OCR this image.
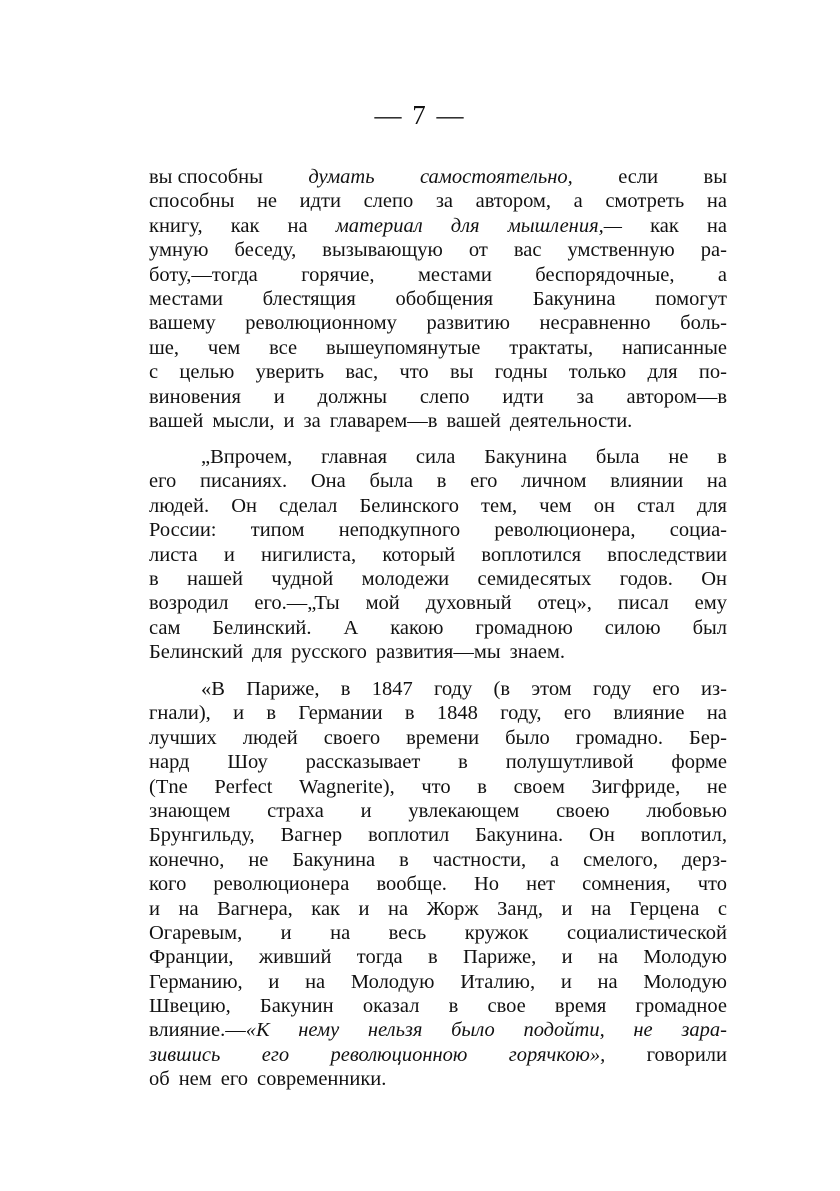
— 7 —
вы способны думать самостоятельно, если вы
способны не идти слепо за автором, а смотреть на
книгу, как на материал для мышления,— как на
умную беседу, вызывающую от вас умственную ра-
боту,—тогда горячие, местами беспорядочные, а
местами блестящия обобщения Бакунина помогут
вашему революционному развитию несравненно боль-
ше, чем все вышеупомянутые трактаты, написанные
с целью уверить вас, что вы годны только для по-
виновения и должны слепо идти за автором—в
вашей мысли, и за главарем—в вашей деятельности.
„Впрочем, главная сила Бакунина была не в
его писаниях. Она была в его личном влиянии на
людей. Он сделал Белинского тем, чем он стал для
России: типом неподкупного революционера, социа-
листа и нигилиста, который воплотился впоследствии
в нашей чудной молодежи семидесятых годов. Он
возродил его.—„Ты мой духовный отец», писал ему
сам Белинский. А какою громадною силою был
Белинский для русского развития—мы знаем.
«В Париже, в 1847 году (в этом году его из-
гнали), и в Германии в 1848 году, его влияние на
лучших людей своего времени было громадно. Бер-
нард Шоу рассказывает в полушутливой форме
(Tne Perfect Wagnerite), что в своем Зигфриде, не
знающем страха и увлекающем своею любовью
Брунгильду, Вагнер воплотил Бакунина. Он воплотил,
конечно, не Бакунина в частности, а смелого, дерз-
кого революционера вообще. Но нет сомнения, что
и на Вагнера, как и на Жорж Занд, и на Герцена с
Огаревым, и на весь кружок социалистической
Франции, живший тогда в Париже, и на Молодую
Германию, и на Молодую Италию, и на Молодую
Швецию, Бакунин оказал в свое время громадное
влияние.—«К нему нельзя было подойти, не зара-
зившись его революционною горячкою», говорили
об нем его современники.
